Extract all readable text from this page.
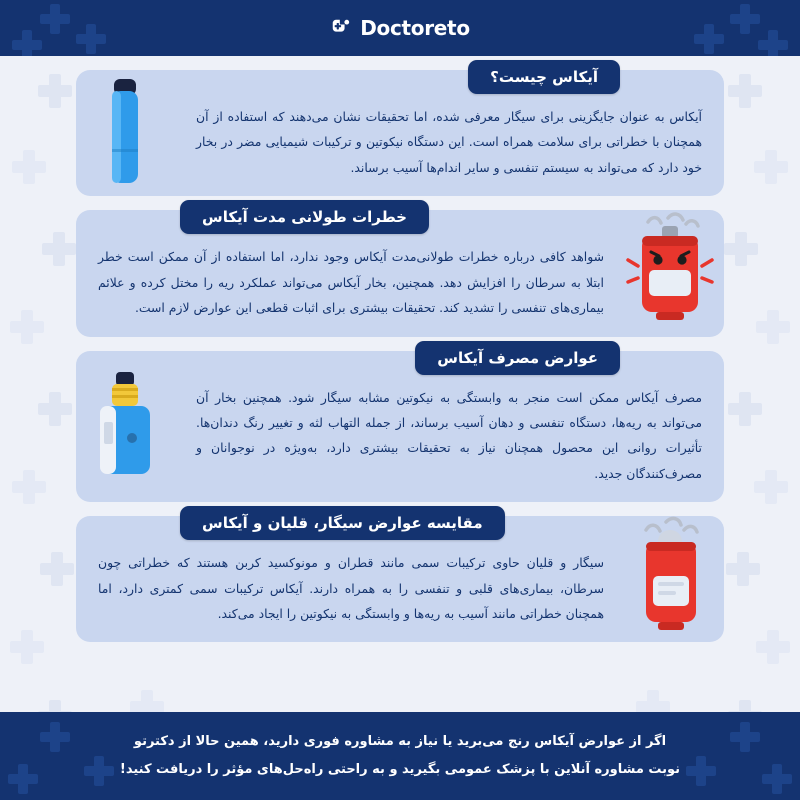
Doctoreto
آیکاس چیست؟

آیکاس به عنوان جایگزینی برای سیگار معرفی شده، اما تحقیقات نشان می‌دهند که استفاده از آن همچنان با خطراتی برای سلامت همراه است. این دستگاه نیکوتین و ترکیبات شیمیایی مضر در بخار خود دارد که می‌تواند به سیستم تنفسی و سایر اندام‌ها آسیب برساند.

خطرات طولانی مدت آیکاس

شواهد کافی درباره خطرات طولانی‌مدت آیکاس وجود ندارد، اما استفاده از آن ممکن است خطر ابتلا به سرطان را افزایش دهد. همچنین، بخار آیکاس می‌تواند عملکرد ریه را مختل کرده و علائم بیماری‌های تنفسی را تشدید کند. تحقیقات بیشتری برای اثبات قطعی این عوارض لازم است.

عوارض مصرف آیکاس

مصرف آیکاس ممکن است منجر به وابستگی به نیکوتین مشابه سیگار شود. همچنین بخار آن می‌تواند به ریه‌ها، دستگاه تنفسی و دهان آسیب برساند، از جمله التهاب لثه و تغییر رنگ دندان‌ها. تأثیرات روانی این محصول همچنان نیاز به تحقیقات بیشتری دارد، به‌ویژه در نوجوانان و مصرف‌کنندگان جدید.

مقایسه عوارض سیگار، قلیان و آیکاس

سیگار و قلیان حاوی ترکیبات سمی مانند قطران و مونوکسید کربن هستند که خطراتی چون سرطان، بیماری‌های قلبی و تنفسی را به همراه دارند. آیکاس ترکیبات سمی کمتری دارد، اما همچنان خطراتی مانند آسیب به ریه‌ها و وابستگی به نیکوتین را ایجاد می‌کند.

اگر از عوارض آیکاس رنج می‌برید یا نیاز به مشاوره فوری دارید، همین حالا از دکترتو
نوبت مشاوره آنلاین با پزشک عمومی بگیرید و به راحتی راه‌حل‌های مؤثر را دریافت کنید!
